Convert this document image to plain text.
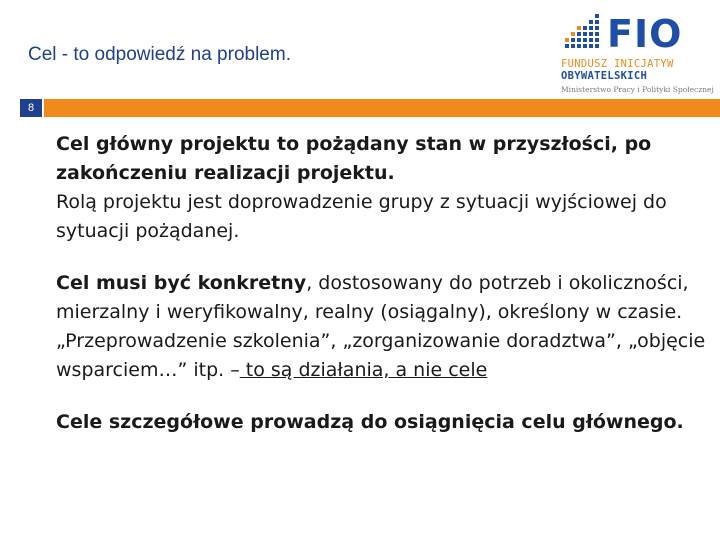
Cel - to odpowiedź na problem.	FIO
FUNDUSZ INICJATYW
OBYWATELSKICH
Ministerstwo Pracy i Polityki Społecznej
8

Cel główny projektu to pożądany stan w przyszłości, po zakończeniu realizacji projektu.

Rolą projektu jest doprowadzenie grupy z sytuacji wyjściowej do sytuacji pożądanej.

Cel musi być konkretny, dostosowany do potrzeb i okoliczności, mierzalny i weryfikowalny, realny (osiągalny), określony w czasie.

„Przeprowadzenie szkolenia”, „zorganizowanie doradztwa”, „objęcie wsparciem…” itp. – to są działania, a nie cele

Cele szczegółowe prowadzą do osiągnięcia celu głównego.
